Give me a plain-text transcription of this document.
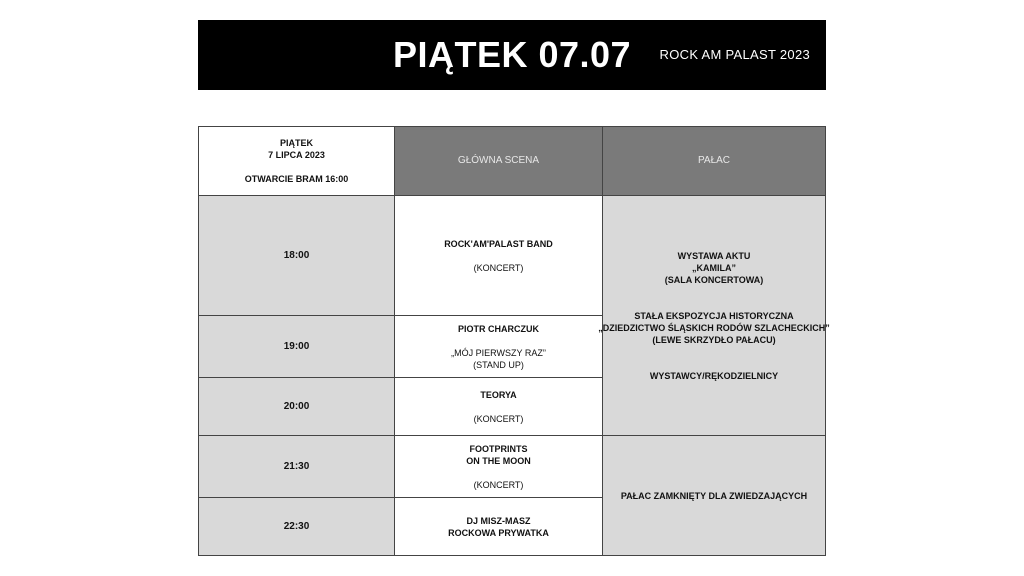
PIĄTEK 07.07	ROCK AM PALAST 2023
PIĄTEK
7 LIPCA 2023
OTWARCIE BRAM 16:00
GŁÓWNA SCENA	PAŁAC
18:00
19:00
20:00
21:30
22:30
ROCK'AM'PALAST BAND
(KONCERT)
PIOTR CHARCZUK
„MÓJ PIERWSZY RAZ”
(STAND UP)
TEORYA
(KONCERT)
FOOTPRINTS
ON THE MOON
(KONCERT)
DJ MISZ-MASZ
ROCKOWA PRYWATKA
WYSTAWA AKTU
„KAMILA”
(SALA KONCERTOWA)
STAŁA EKSPOZYCJA HISTORYCZNA
„DZIEDZICTWO ŚLĄSKICH RODÓW SZLACHECKICH”
(LEWE SKRZYDŁO PAŁACU)
WYSTAWCY/RĘKODZIELNICY
PAŁAC ZAMKNIĘTY DLA ZWIEDZAJĄCYCH
